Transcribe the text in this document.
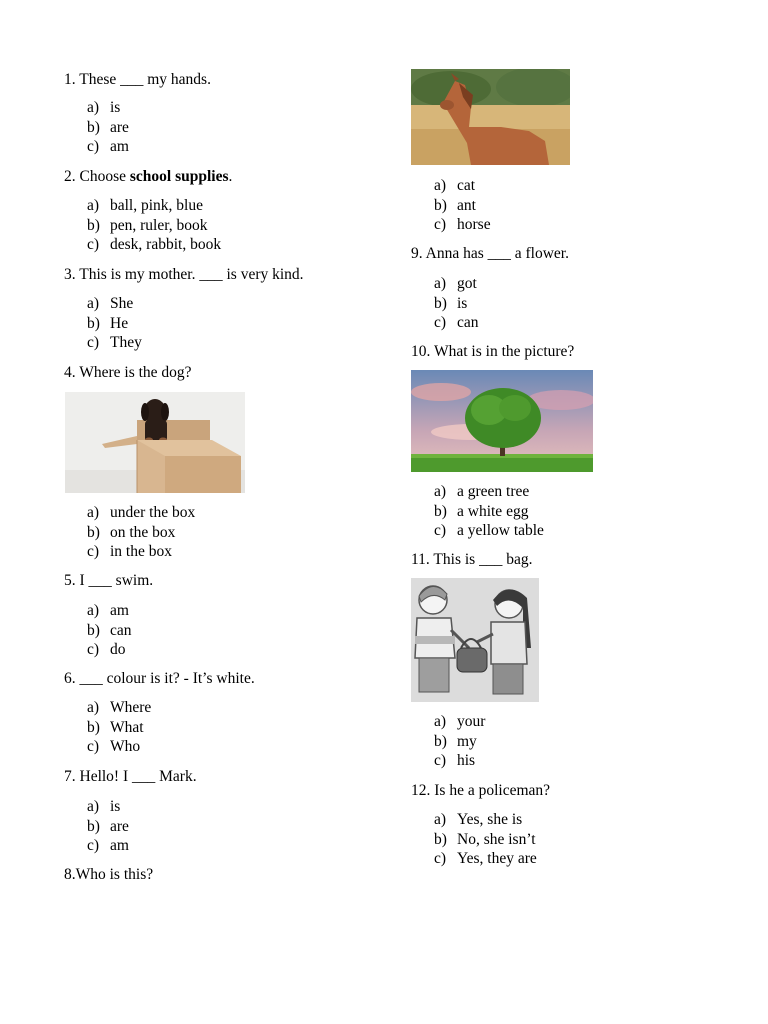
1. These ___ my hands.
a) is
b) are
c) am
2. Choose school supplies.
a) ball, pink, blue
b) pen, ruler, book
c) desk, rabbit, book
3. This is my mother. ___ is very kind.
a) She
b) He
c) They
4. Where is the dog?
a) under the box
b) on the box
c) in the box
5. I ___ swim.
a) am
b) can
c) do
6. ___ colour is it? - It’s white.
a) Where
b) What
c) Who
7. Hello! I ___ Mark.
a) is
b) are
c) am
8.Who is this?
a) cat
b) ant
c) horse
9. Anna has ___ a flower.
a) got
b) is
c) can
10. What is in the picture?
a) a green tree
b) a white egg
c) a yellow table
11. This is ___ bag.
a) your
b) my
c) his
12. Is he a policeman?
a) Yes, she is
b) No, she isn’t
c) Yes, they are
